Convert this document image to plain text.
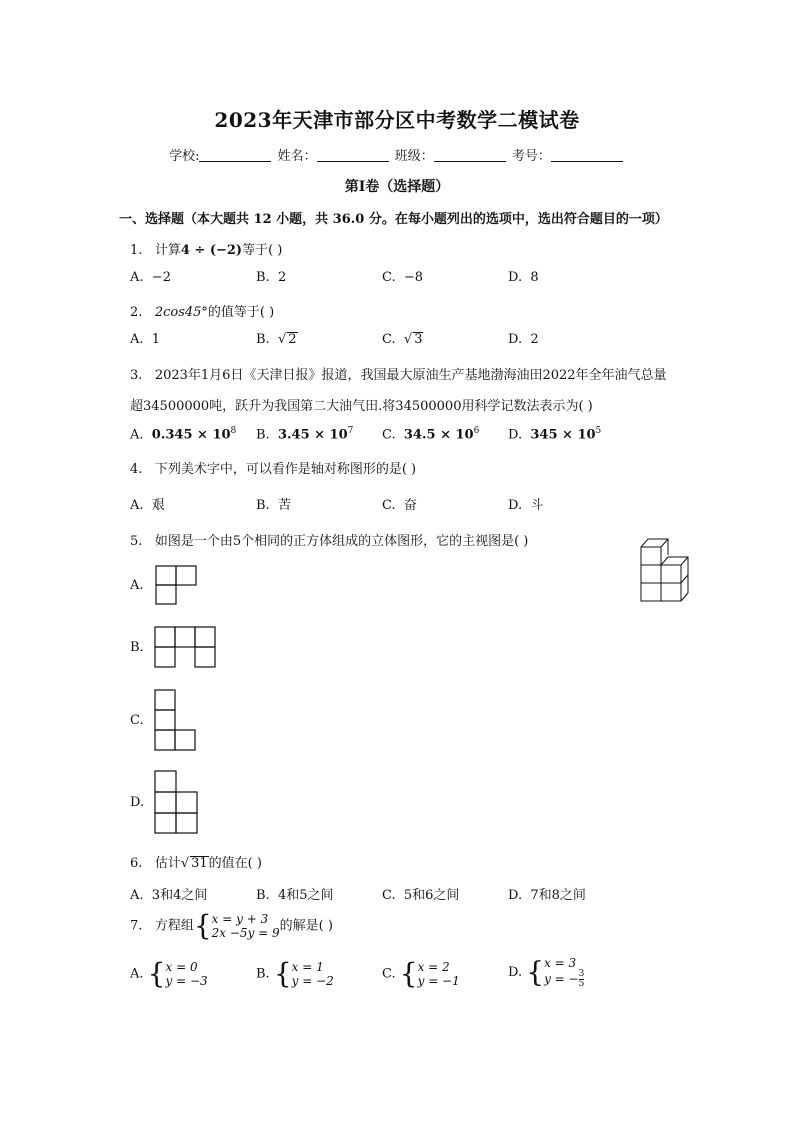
2023年天津市部分区中考数学二模试卷
学校:	姓名：	班级：	考号：
第Ⅰ卷（选择题）
一、选择题（本大题共 12 小题，共 36.0 分。在每小题列出的选项中，选出符合题目的一项）
1. 计算4 ÷ (−2)等于( )
A. −2	B. 2	C. −8	D. 8
2. 2cos45°的值等于( )
A. 1	B. √ 2	C. √ 3	D. 2
3. 2023年1月6日《天津日报》报道，我国最大原油生产基地渤海油田2022年全年油气总量
超34500000吨，跃升为我国第二大油气田.将34500000用科学记数法表示为( )
A. $0.345 \times 10^8$ B. $3.45 \times 10^7$ C. $34.5 \times 10^6$ D. $345 \times 10^5$
4. 下列美术字中，可以看作是轴对称图形的是( )
A. 艰	B. 苦	C. 奋	D. 斗
5. 如图是一个由5个相同的正方体组成的立体图形，它的主视图是( )
A.
B.
C.
D.
6. 估计√ 31的值在( )
A. 3和4之间	B. 4和5之间	C. 5和6之间	D. 7和8之间
7. 方程组{ x = y + 3
2x −5y = 9 的解是( )
A. { x = 0
y = −3	B. { x = 1
y = −2	C. { x = 2
y = −1
D. { x = 3
y = − $\frac{3}{5}$
